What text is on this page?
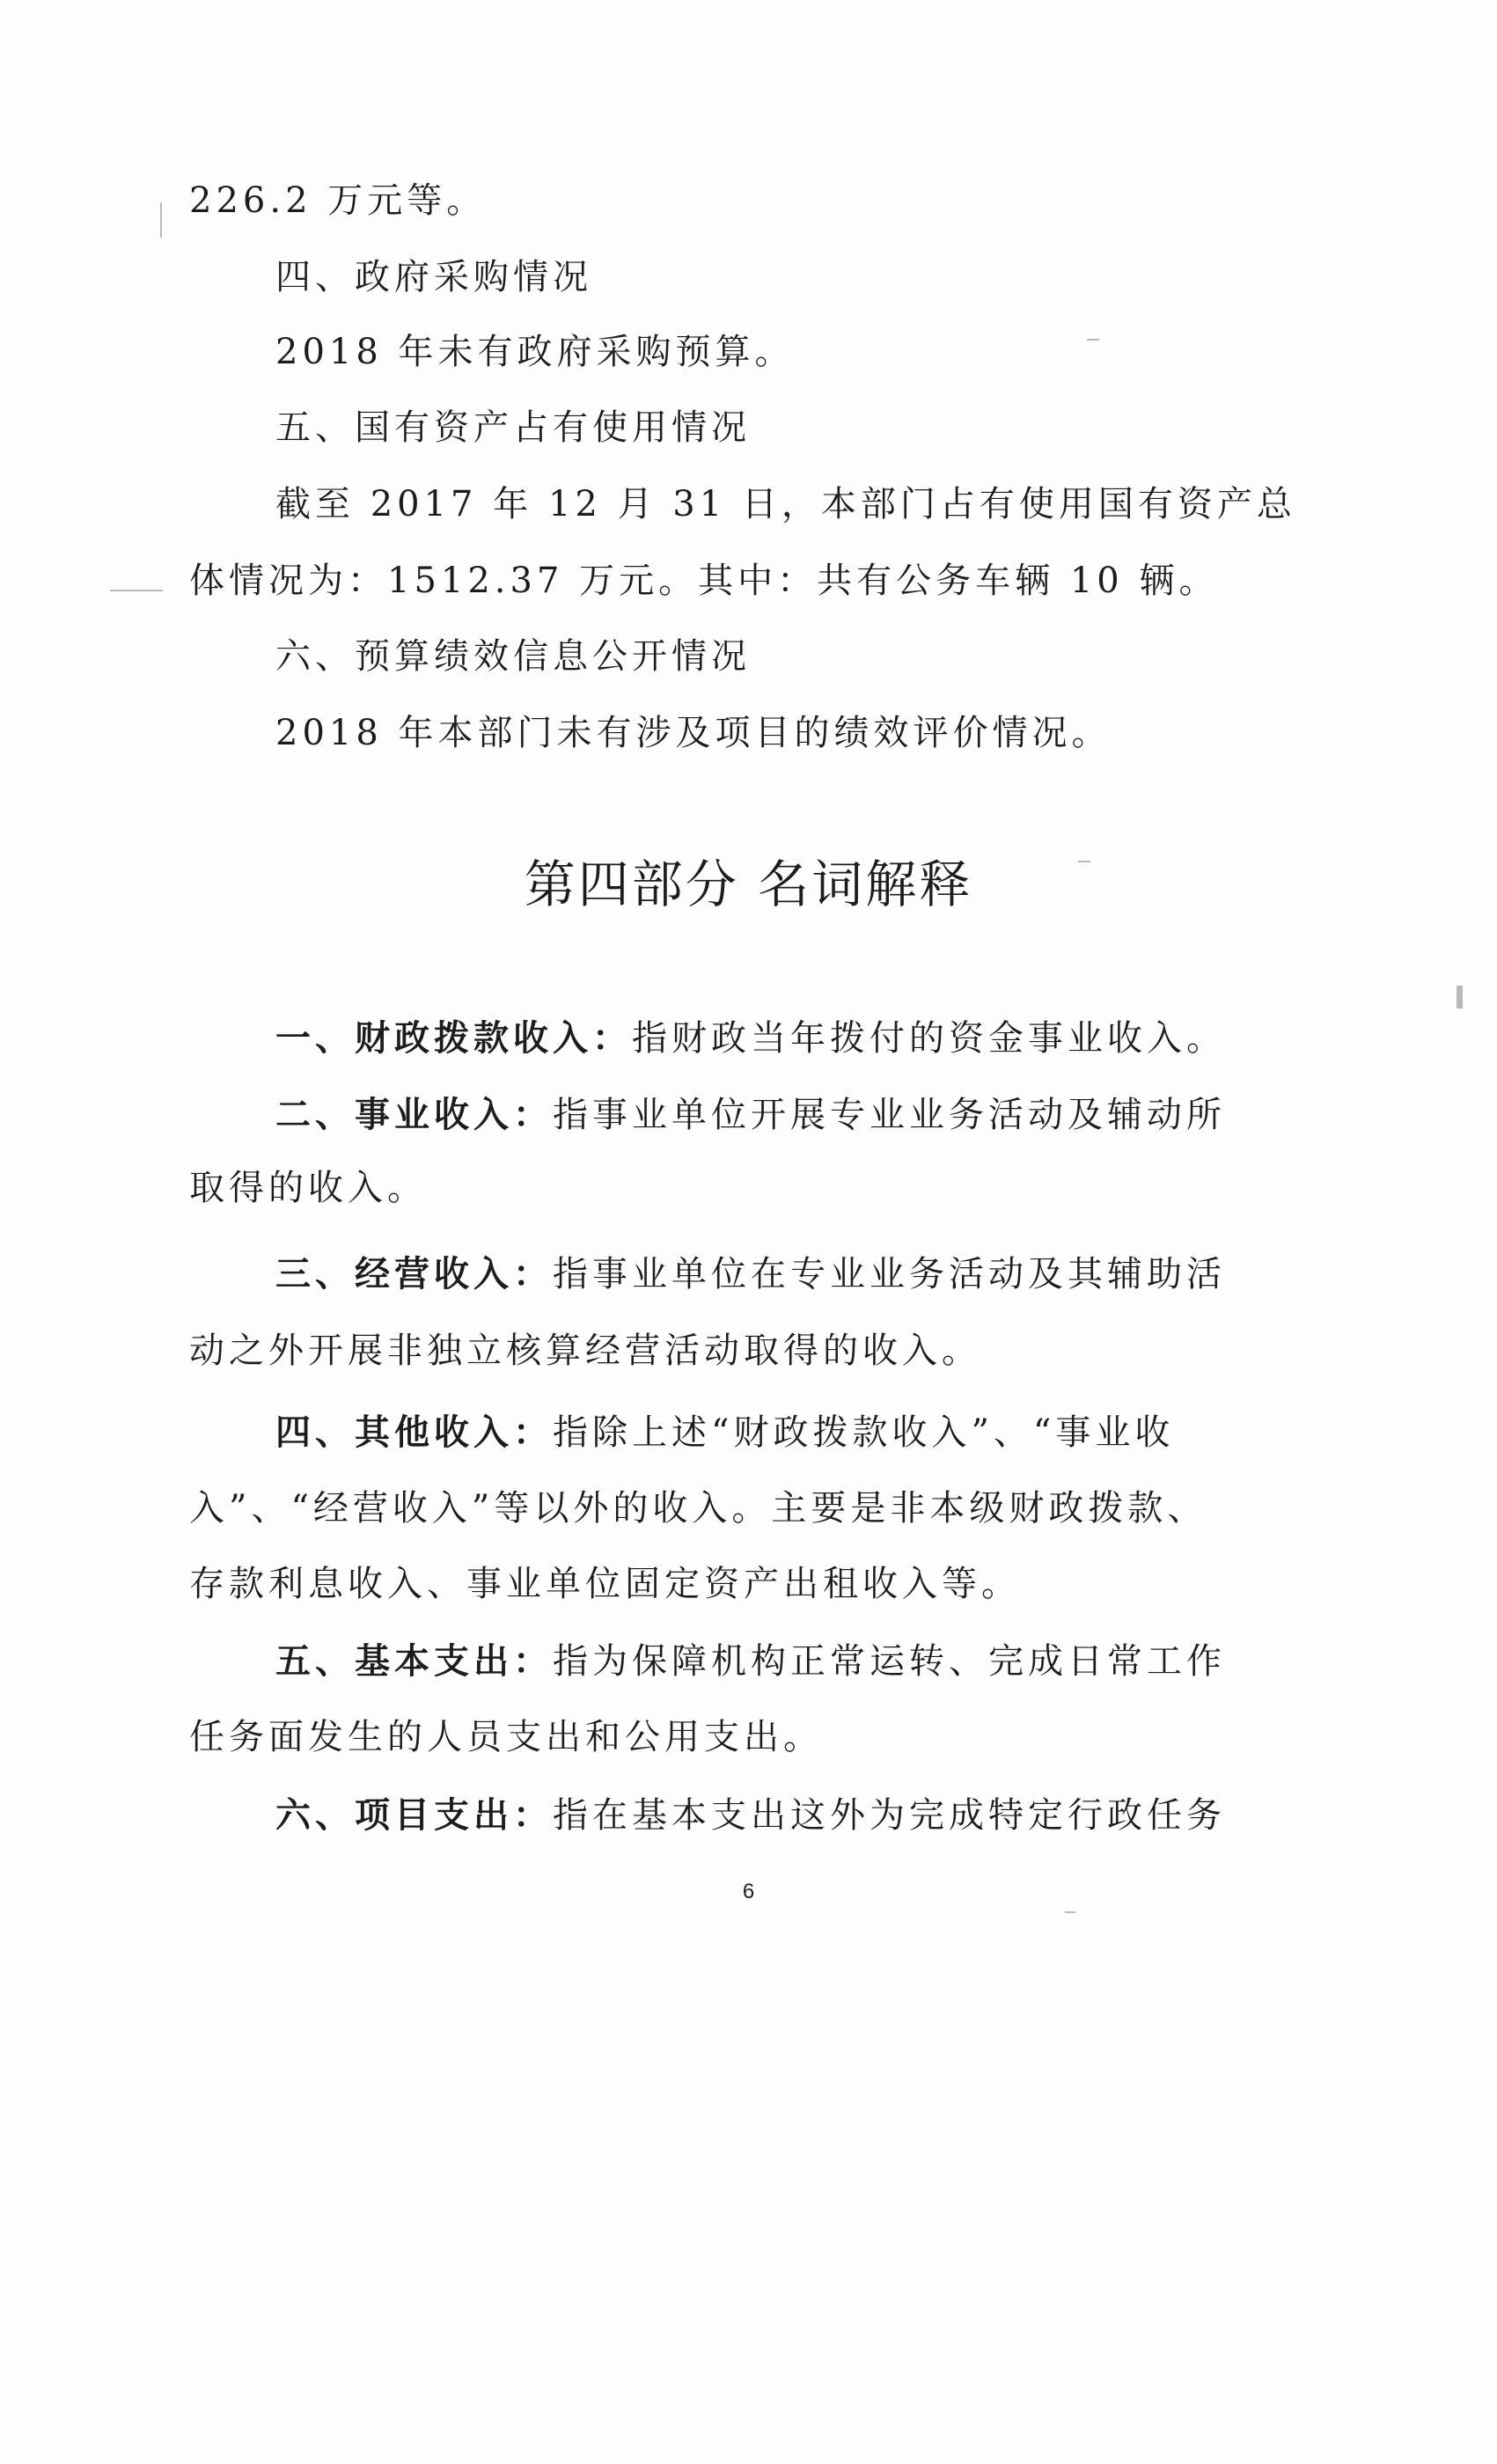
226.2 万元等。
四、政府采购情况
2018 年未有政府采购预算。
五、国有资产占有使用情况
截至 2017 年 12 月 31 日，本部门占有使用国有资产总
体情况为：1512.37 万元。其中：共有公务车辆 10 辆。
六、预算绩效信息公开情况
2018 年本部门未有涉及项目的绩效评价情况。
第四部分 名词解释
一、财政拨款收入：指财政当年拨付的资金事业收入。
二、事业收入：指事业单位开展专业业务活动及辅动所
取得的收入。
三、经营收入：指事业单位在专业业务活动及其辅助活
动之外开展非独立核算经营活动取得的收入。
四、其他收入：指除上述“财政拨款收入”、“事业收
入”、“经营收入”等以外的收入。主要是非本级财政拨款、
存款利息收入、事业单位固定资产出租收入等。
五、基本支出：指为保障机构正常运转、完成日常工作
任务面发生的人员支出和公用支出。
六、项目支出：指在基本支出这外为完成特定行政任务
6
